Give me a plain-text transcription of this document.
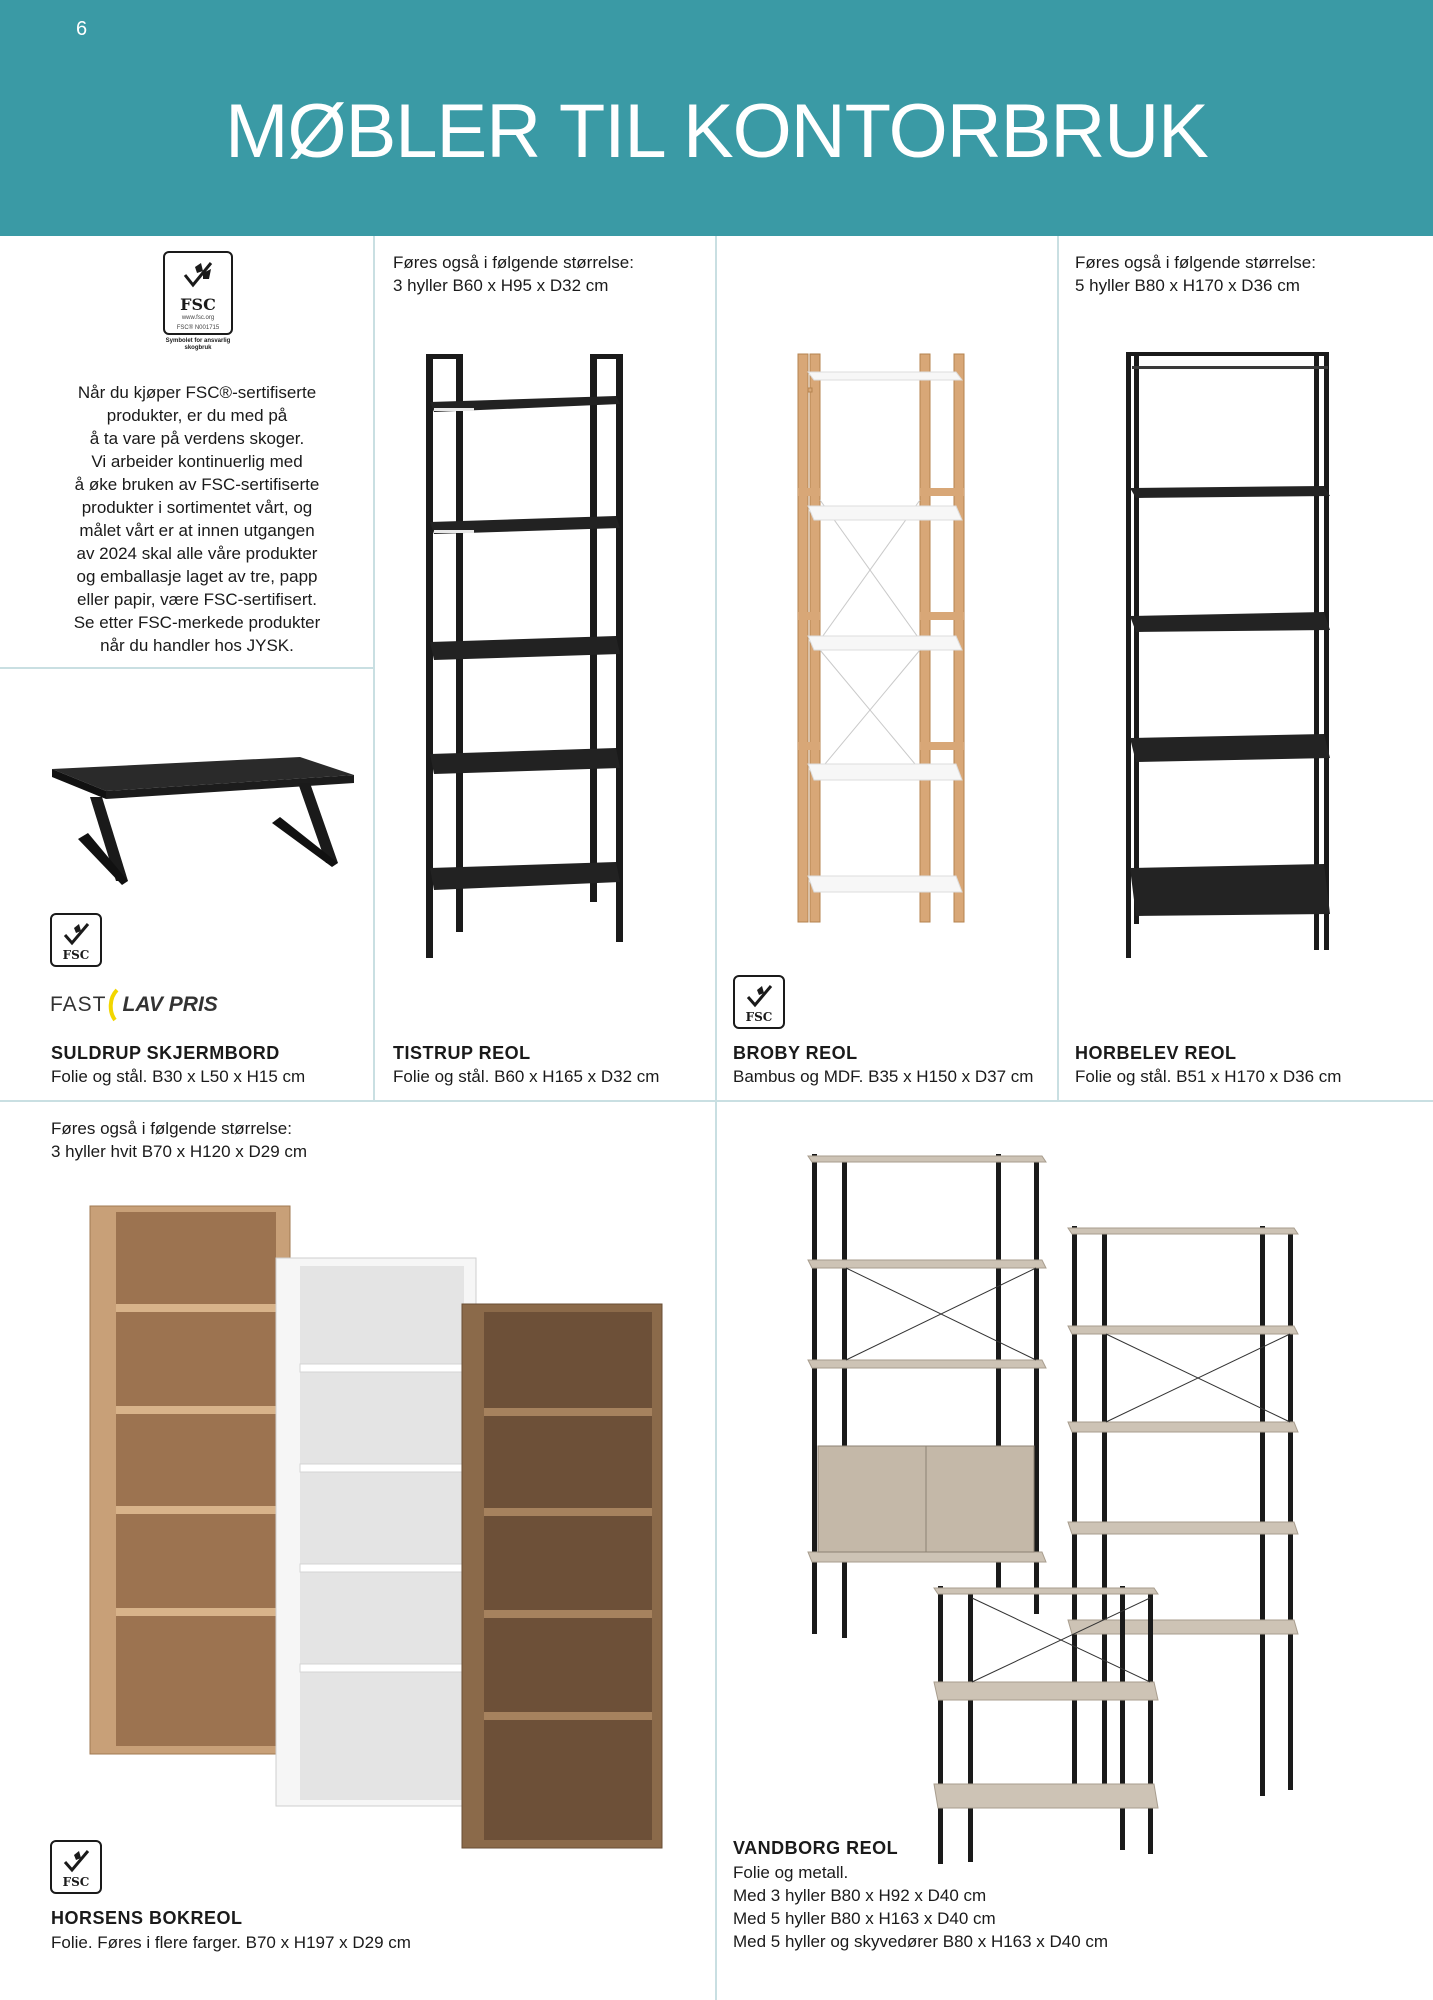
6
MØBLER TIL KONTORBRUK
FSC
www.fsc.org
FSC® N001715
Symbolet for ansvarlig skogbruk
Når du kjøper FSC®-sertifiserte
produkter, er du med på
å ta vare på verdens skoger.
Vi arbeider kontinuerlig med
å øke bruken av FSC-sertifiserte
produkter i sortimentet vårt, og
målet vårt er at innen utgangen
av 2024 skal alle våre produkter
og emballasje laget av tre, papp
eller papir, være FSC-sertifisert.
Se etter FSC-merkede produkter
når du handler hos JYSK.
FSC
FAST LAV PRIS
SULDRUP SKJERMBORD
Folie og stål. B30 x L50 x H15 cm
Føres også i følgende størrelse:
3 hyller B60 x H95 x D32 cm
TISTRUP REOL
Folie og stål. B60 x H165 x D32 cm
FSC
BROBY REOL
Bambus og MDF. B35 x H150 x D37 cm
Føres også i følgende størrelse:
5 hyller B80 x H170 x D36 cm
HORBELEV REOL
Folie og stål. B51 x H170 x D36 cm
Føres også i følgende størrelse:
3 hyller hvit B70 x H120 x D29 cm
FSC
HORSENS BOKREOL
Folie. Føres i flere farger. B70 x H197 x D29 cm
VANDBORG REOL
Folie og metall.
Med 3 hyller B80 x H92 x D40 cm
Med 5 hyller B80 x H163 x D40 cm
Med 5 hyller og skyvedører B80 x H163 x D40 cm
